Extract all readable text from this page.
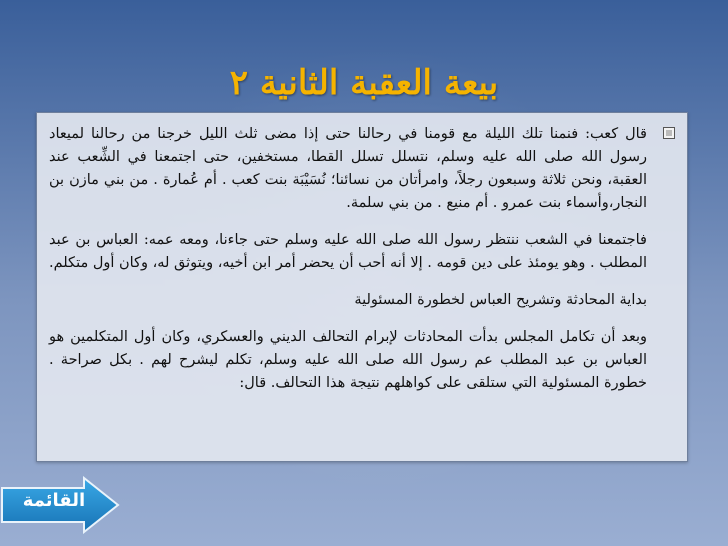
بيعة العقبة الثانية ٢

قال كعب: فنمنا تلك الليلة مع قومنا في رحالنا حتى إذا مضى ثلث الليل خرجنا من رحالنا لميعاد رسول الله صلى الله عليه وسلم، نتسلل تسلل القطا، مستخفين، حتى اجتمعنا في الشِّعب عند العقبة، ونحن ثلاثة وسبعون رجلاً، وامرأتان من نسائنا؛ نُسَيْبَة بنت كعب . أم عُمارة . من بني مازن بن النجار،وأسماء بنت عمرو . أم منيع . من بني سلمة.

فاجتمعنا في الشعب ننتظر رسول الله صلى الله عليه وسلم حتى جاءنا، ومعه عمه: العباس بن عبد المطلب . وهو يومئذ على دين قومه . إلا أنه أحب أن يحضر أمر ابن أخيه، ويتوثق له، وكان أول متكلم.

بداية المحادثة وتشريح العباس لخطورة المسئولية

وبعد أن تكامل المجلس بدأت المحادثات لإبرام التحالف الديني والعسكري، وكان أول المتكلمين هو العباس بن عبد المطلب عم رسول الله صلى الله عليه وسلم، تكلم ليشرح لهم . بكل صراحة . خطورة المسئولية التي ستلقى على كواهلهم نتيجة هذا التحالف. قال:

القائمة
